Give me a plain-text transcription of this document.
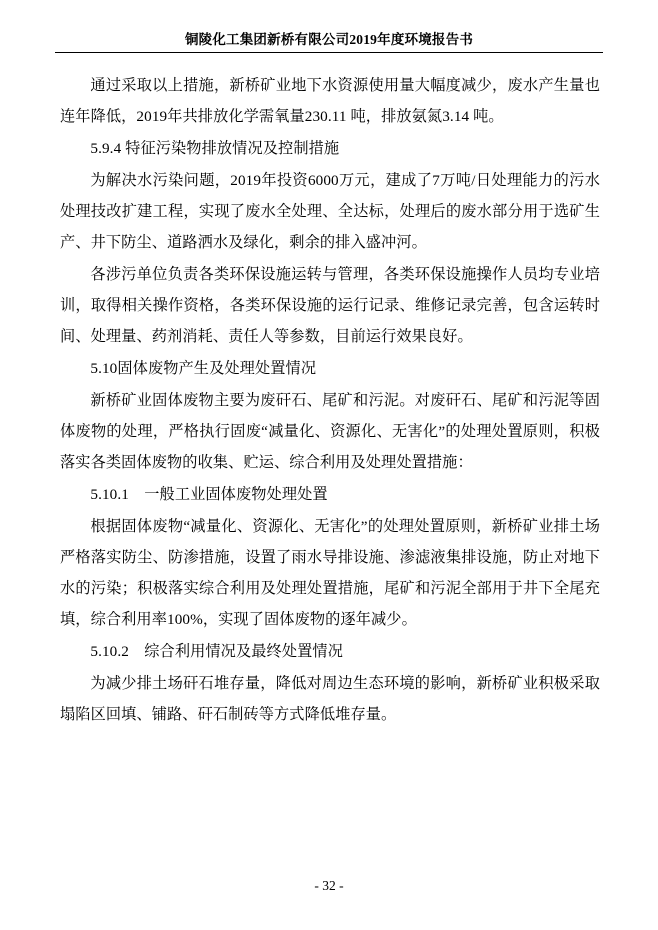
铜陵化工集团新桥有限公司2019年度环境报告书

通过采取以上措施，新桥矿业地下水资源使用量大幅度减少，废水产生量也连年降低，2019年共排放化学需氧量230.11 吨，排放氨氮3.14 吨。

5.9.4 特征污染物排放情况及控制措施

为解决水污染问题，2019年投资6000万元，建成了7万吨/日处理能力的污水处理技改扩建工程，实现了废水全处理、全达标，处理后的废水部分用于选矿生产、井下防尘、道路洒水及绿化，剩余的排入盛冲河。

各涉污单位负责各类环保设施运转与管理，各类环保设施操作人员均专业培训，取得相关操作资格，各类环保设施的运行记录、维修记录完善，包含运转时间、处理量、药剂消耗、责任人等参数，目前运行效果良好。

5.10固体废物产生及处理处置情况

新桥矿业固体废物主要为废矸石、尾矿和污泥。对废矸石、尾矿和污泥等固体废物的处理，严格执行固废“减量化、资源化、无害化”的处理处置原则，积极落实各类固体废物的收集、贮运、综合利用及处理处置措施：

5.10.1　一般工业固体废物处理处置

根据固体废物“减量化、资源化、无害化”的处理处置原则，新桥矿业排土场严格落实防尘、防渗措施，设置了雨水导排设施、渗滤液集排设施，防止对地下水的污染；积极落实综合利用及处理处置措施，尾矿和污泥全部用于井下全尾充填，综合利用率100%，实现了固体废物的逐年减少。

5.10.2　综合利用情况及最终处置情况

为减少排土场矸石堆存量，降低对周边生态环境的影响，新桥矿业积极采取塌陷区回填、铺路、矸石制砖等方式降低堆存量。

- 32 -
